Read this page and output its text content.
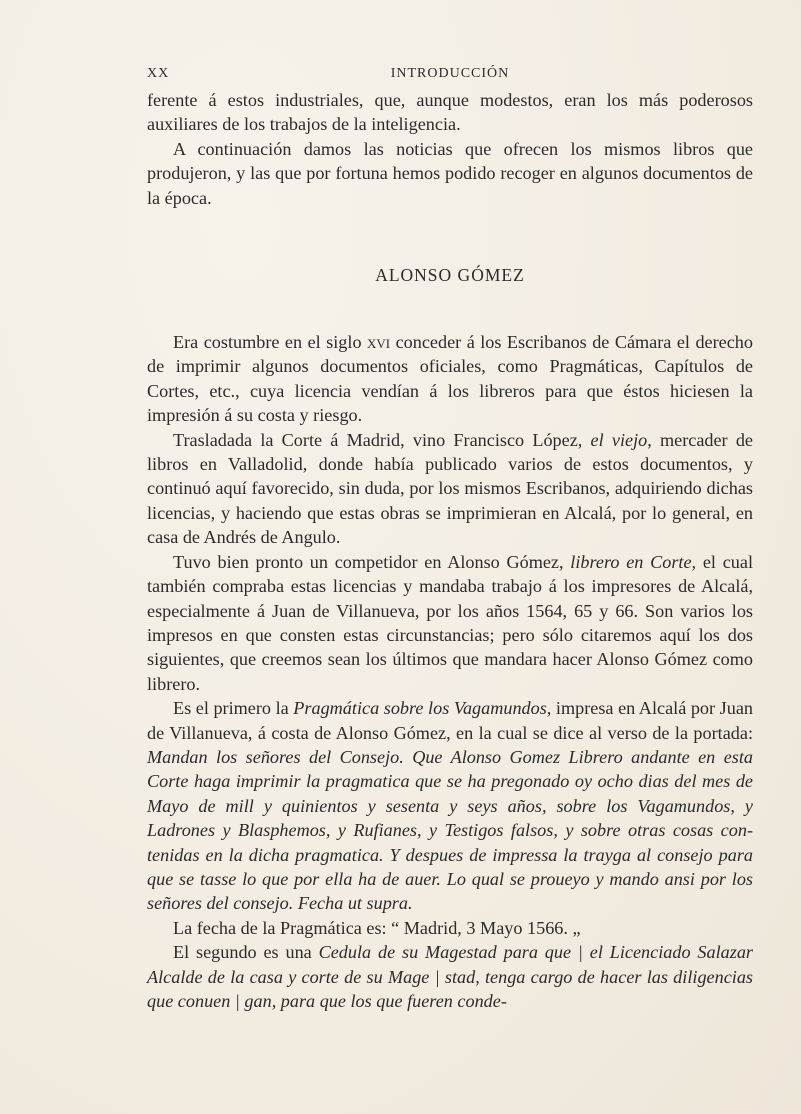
XX	INTRODUCCIÓN

ferente á estos industriales, que, aunque modestos, eran los más poderosos auxiliares de los trabajos de la inteligencia.

A continuación damos las noticias que ofrecen los mismos libros que produjeron, y las que por fortuna hemos podido recoger en algunos documentos de la época.

ALONSO GÓMEZ

Era costumbre en el siglo xvi conceder á los Escribanos de Cámara el derecho de imprimir algunos documentos oficiales, como Pragmáticas, Capítulos de Cortes, etc., cuya licencia vendían á los libreros para que éstos hiciesen la impresión á su costa y riesgo.

Trasladada la Corte á Madrid, vino Francisco López, el viejo, mercader de libros en Valladolid, donde había publicado varios de estos documentos, y continuó aquí favorecido, sin duda, por los mismos Escribanos, adquiriendo dichas licencias, y haciendo que estas obras se imprimieran en Alcalá, por lo general, en casa de Andrés de Angulo.

Tuvo bien pronto un competidor en Alonso Gómez, librero en Corte, el cual también compraba estas licencias y mandaba trabajo á los impresores de Alcalá, especialmente á Juan de Villanueva, por los años 1564, 65 y 66. Son varios los impresos en que consten estas circunstancias; pero sólo citaremos aquí los dos siguientes, que creemos sean los últimos que mandara hacer Alonso Gómez como librero.

Es el primero la Pragmática sobre los Vagamundos, impresa en Alcalá por Juan de Villanueva, á costa de Alonso Gómez, en la cual se dice al verso de la portada: Mandan los señores del Consejo. Que Alonso Gomez Librero andante en esta Corte haga imprimir la pragmatica que se ha pregonado oy ocho dias del mes de Mayo de mill y quinientos y sesenta y seys años, sobre los Vagamundos, y Ladrones y Blasphemos, y Rufianes, y Testigos falsos, y sobre otras cosas contenidas en la dicha pragmatica. Y despues de impressa la trayga al consejo para que se tasse lo que por ella ha de auer. Lo qual se proueyo y mando ansi por los señores del consejo. Fecha ut supra.

La fecha de la Pragmática es: “ Madrid, 3 Mayo 1566. „

El segundo es una Cedula de su Magestad para que | el Licenciado Salazar Alcalde de la casa y corte de su Mage | stad, tenga cargo de hacer las diligencias que conuen | gan, para que los que fueren conde-
